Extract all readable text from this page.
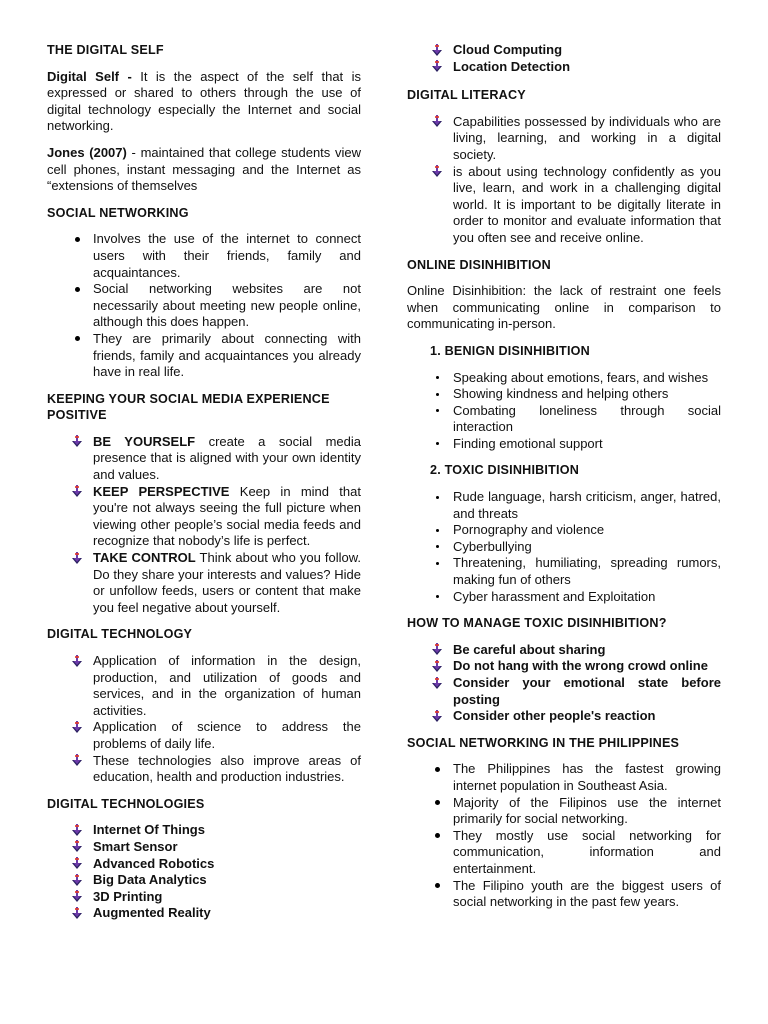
THE DIGITAL SELF
Digital Self - It is the aspect of the self that is expressed or shared to others through the use of digital technology especially the Internet and social networking.
Jones (2007) - maintained that college students view cell phones, instant messaging and the Internet as “extensions of themselves
SOCIAL NETWORKING
Involves the use of the internet to connect users with their friends, family and acquaintances.
Social networking websites are not necessarily about meeting new people online, although this does happen.
They are primarily about connecting with friends, family and acquaintances you already have in real life.
KEEPING YOUR SOCIAL MEDIA EXPERIENCE POSITIVE
BE YOURSELF create a social media presence that is aligned with your own identity and values.
KEEP PERSPECTIVE Keep in mind that you're not always seeing the full picture when viewing other people’s social media feeds and recognize that nobody’s life is perfect.
TAKE CONTROL Think about who you follow. Do they share your interests and values? Hide or unfollow feeds, users or content that make you feel negative about yourself.
DIGITAL TECHNOLOGY
Application of information in the design, production, and utilization of goods and services, and in the organization of human activities.
Application of science to address the problems of daily life.
These technologies also improve areas of education, health and production industries.
DIGITAL TECHNOLOGIES
Internet Of Things
Smart Sensor
Advanced Robotics
Big Data Analytics
3D Printing
Augmented Reality
Cloud Computing
Location Detection
DIGITAL LITERACY
Capabilities possessed by individuals who are living, learning, and working in a digital society.
is about using technology confidently as you live, learn, and work in a challenging digital world. It is important to be digitally literate in order to monitor and evaluate information that you often see and receive online.
ONLINE DISINHIBITION
Online Disinhibition: the lack of restraint one feels when communicating online in comparison to communicating in-person.
1. BENIGN DISINHIBITION
Speaking about emotions, fears, and wishes
Showing kindness and helping others
Combating loneliness through social interaction
Finding emotional support
2. TOXIC DISINHIBITION
Rude language, harsh criticism, anger, hatred, and threats
Pornography and violence
Cyberbullying
Threatening, humiliating, spreading rumors, making fun of others
Cyber harassment and Exploitation
HOW TO MANAGE TOXIC DISINHIBITION?
Be careful about sharing
Do not hang with the wrong crowd online
Consider your emotional state before posting
Consider other people's reaction
SOCIAL NETWORKING IN THE PHILIPPINES
The Philippines has the fastest growing internet population in Southeast Asia.
Majority of the Filipinos use the internet primarily for social networking.
They mostly use social networking for communication, information and entertainment.
The Filipino youth are the biggest users of social networking in the past few years.
